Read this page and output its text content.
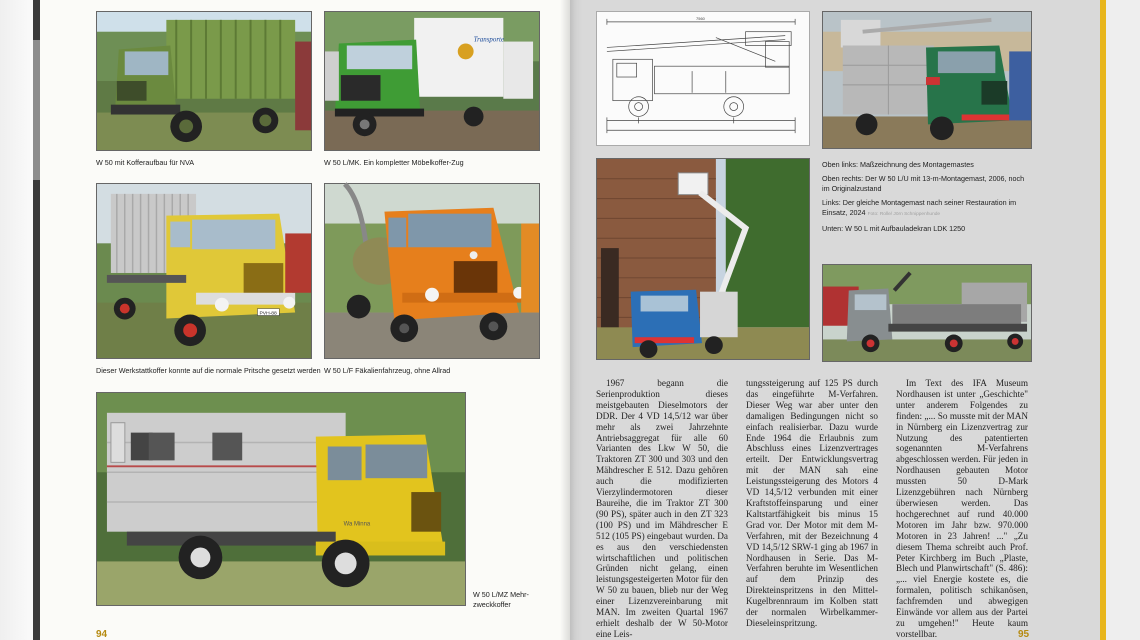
W 50 mit Kofferaufbau für NVA
Transporte
W 50 L/MK. Ein kompletter Möbelkoffer-Zug
PVH-88
Dieser Werkstattkoffer konnte auf die normale Pritsche gesetzt werden W 50 L/F Fäkalienfahrzeug, ohne Allrad
Wa Minna
W 50 L/MZ Mehr-
zweckkoffer
94
7560

Oben links: Maßzeichnung des Montagemastes

Oben rechts: Der W 50 L/U mit 13-m-Montagemast, 2006, noch im Originalzustand

Links: Der gleiche Montagemast nach seiner Restauration im Einsatz, 2024 Foto: Rolle/ Jörn Schnippenhunde

Unten: W 50 L mit Aufbauladekran LDK 1250

1967 begann die Serienproduktion dieses meistgebauten Dieselmotors der DDR. Der 4 VD 14,5/12 war über mehr als zwei Jahrzehnte Antriebsaggregat für alle 60 Varianten des Lkw W 50, die Traktoren ZT 300 und 303 und den Mähdrescher E 512. Dazu gehören auch die modifizierten Vierzylindermotoren dieser Baureihe, die im Traktor ZT 300 (90 PS), später auch in den ZT 323 (100 PS) und im Mähdrescher E 512 (105 PS) eingebaut wurden. Da es aus den verschiedensten wirtschaftlichen und politischen Gründen nicht gelang, einen leistungsgesteigerten Motor für den W 50 zu bauen, blieb nur der Weg einer Lizenzvereinbarung mit MAN. Im zweiten Quartal 1967 erhielt deshalb der W 50-Motor eine Leis-

tungssteigerung auf 125 PS durch das eingeführte M-Verfahren. Dieser Weg war aber unter den damaligen Bedingungen nicht so einfach realisierbar. Dazu wurde Ende 1964 die Erlaubnis zum Abschluss eines Lizenzvertrages erteilt. Der Entwicklungsvertrag mit der MAN sah eine Leistungssteigerung des Motors 4 VD 14,5/12 verbunden mit einer Kraftstoffeinsparung und einer Kaltstartfähigkeit bis minus 15 Grad vor. Der Motor mit dem M-Verfahren, mit der Bezeichnung 4 VD 14,5/12 SRW-1 ging ab 1967 in Nordhausen in Serie. Das M-Verfahren beruhte im Wesentlichen auf dem Prinzip des Direkteinspritzens in den Mittel-Kugelbrennraum im Kolben statt der normalen Wirbelkammer-Dieseleinspritzung.

Im Text des IFA Museum Nordhausen ist unter „Geschichte" unter anderem Folgendes zu finden: „... So musste mit der MAN in Nürnberg ein Lizenzvertrag zur Nutzung des patentierten sogenannten M-Verfahrens abgeschlossen werden. Für jeden in Nordhausen gebauten Motor mussten 50 D-Mark Lizenzgebühren nach Nürnberg überwiesen werden. Das hochgerechnet auf rund 40.000 Motoren im Jahr bzw. 970.000 Motoren in 23 Jahren! ..." „Zu diesem Thema schreibt auch Prof. Peter Kirchberg im Buch „Plaste, Blech und Planwirtschaft" (S. 486): „... viel Energie kostete es, die formalen, politisch schikanösen, fachfremden und abwegigen Einwände vor allem aus der Partei zu umgehen!" Heute kaum vorstellbar.	95
